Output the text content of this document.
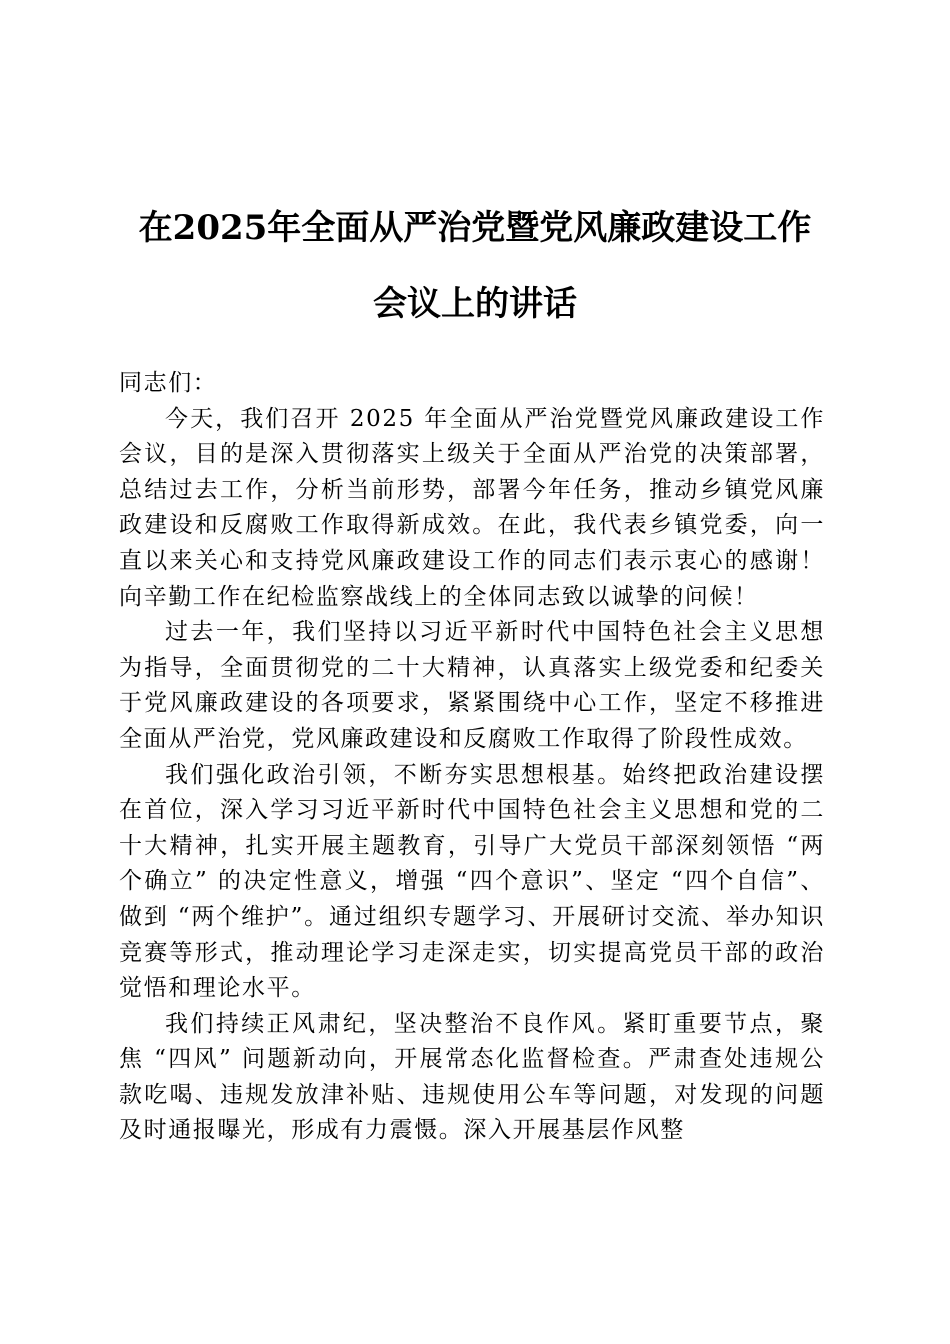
在2025年全面从严治党暨党风廉政建设工作
会议上的讲话

同志们：

今天，我们召开 2025 年全面从严治党暨党风廉政建设工作会议，目的是深入贯彻落实上级关于全面从严治党的决策部署，总结过去工作，分析当前形势，部署今年任务，推动乡镇党风廉政建设和反腐败工作取得新成效。在此，我代表乡镇党委，向一直以来关心和支持党风廉政建设工作的同志们表示衷心的感谢！向辛勤工作在纪检监察战线上的全体同志致以诚挚的问候！

过去一年，我们坚持以习近平新时代中国特色社会主义思想为指导，全面贯彻党的二十大精神，认真落实上级党委和纪委关于党风廉政建设的各项要求，紧紧围绕中心工作，坚定不移推进全面从严治党，党风廉政建设和反腐败工作取得了阶段性成效。

我们强化政治引领，不断夯实思想根基。始终把政治建设摆在首位，深入学习习近平新时代中国特色社会主义思想和党的二十大精神，扎实开展主题教育，引导广大党员干部深刻领悟 “两个确立” 的决定性意义，增强 “四个意识”、坚定 “四个自信”、做到 “两个维护”。通过组织专题学习、开展研讨交流、举办知识竞赛等形式，推动理论学习走深走实，切实提高党员干部的政治觉悟和理论水平。

我们持续正风肃纪，坚决整治不良作风。紧盯重要节点，聚焦 “四风” 问题新动向，开展常态化监督检查。严肃查处违规公款吃喝、违规发放津补贴、违规使用公车等问题，对发现的问题及时通报曝光，形成有力震慑。深入开展基层作风整
